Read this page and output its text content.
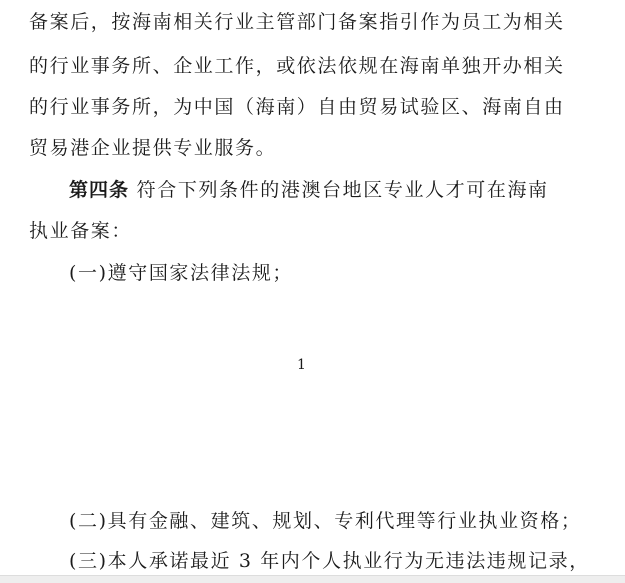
备案后，按海南相关行业主管部门备案指引作为员工为相关
的行业事务所、企业工作，或依法依规在海南单独开办相关
的行业事务所，为中国（海南）自由贸易试验区、海南自由
贸易港企业提供专业服务。
第四条 符合下列条件的港澳台地区专业人才可在海南
执业备案：
(一)遵守国家法律法规；
1
(二)具有金融、建筑、规划、专利代理等行业执业资格；
(三)本人承诺最近 3 年内个人执业行为无违法违规记录，
